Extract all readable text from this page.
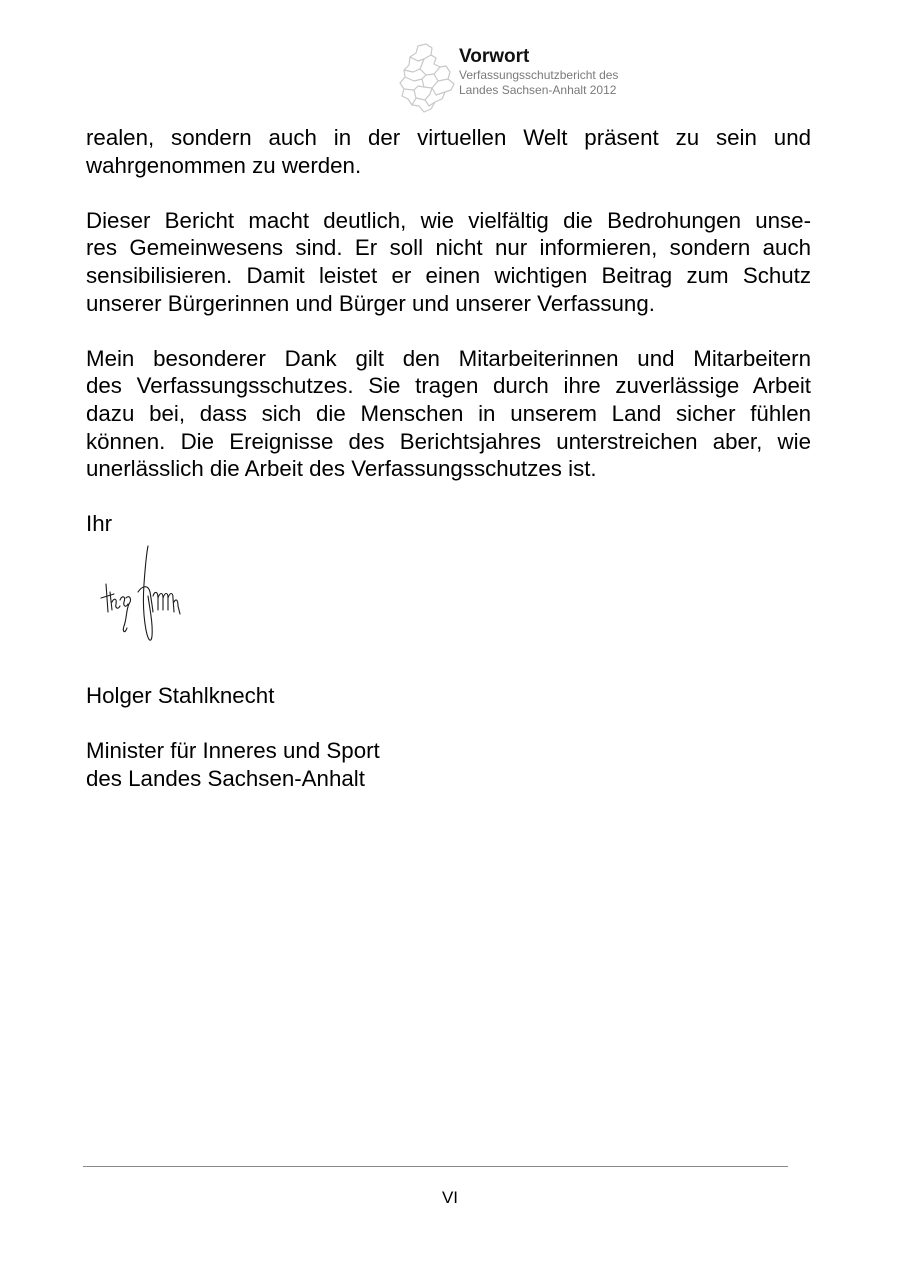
Vorwort
Verfassungsschutzbericht des
Landes Sachsen-Anhalt 2012

realen, sondern auch in der virtuellen Welt präsent zu sein und
wahrgenommen zu werden.

Dieser Bericht macht deutlich, wie vielfältig die Bedrohungen unse-
res Gemeinwesens sind. Er soll nicht nur informieren, sondern auch
sensibilisieren. Damit leistet er einen wichtigen Beitrag zum Schutz
unserer Bürgerinnen und Bürger und unserer Verfassung.

Mein besonderer Dank gilt den Mitarbeiterinnen und Mitarbeitern
des Verfassungsschutzes. Sie tragen durch ihre zuverlässige Arbeit
dazu bei, dass sich die Menschen in unserem Land sicher fühlen
können. Die Ereignisse des Berichtsjahres unterstreichen aber, wie
unerlässlich die Arbeit des Verfassungsschutzes ist.

Ihr

Holger Stahlknecht
Minister für Inneres und Sport
des Landes Sachsen-Anhalt
VI
